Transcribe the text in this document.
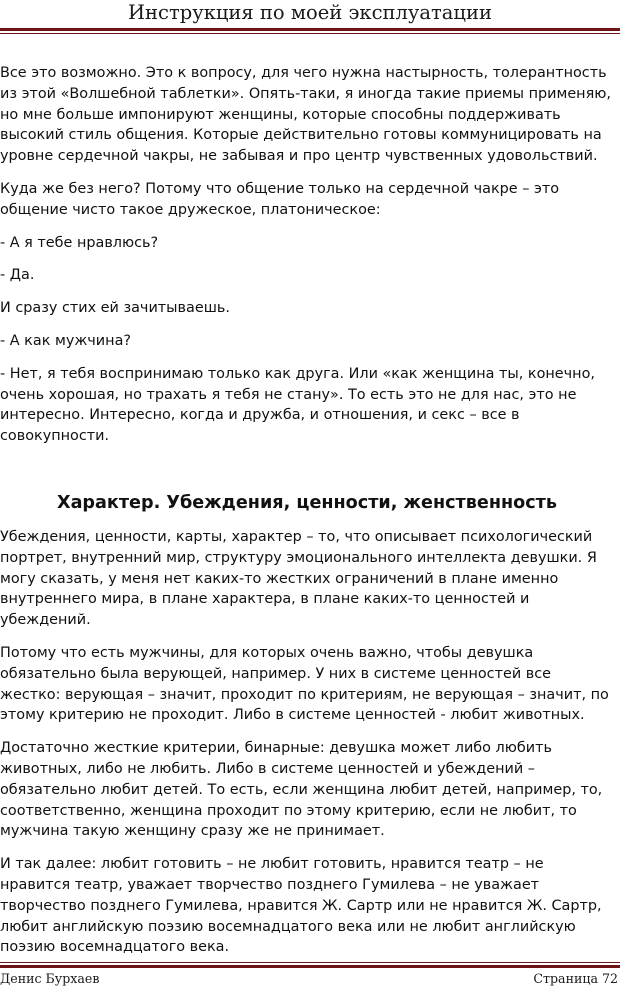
Инструкция по моей эксплуатации

Все это возможно. Это к вопросу, для чего нужна настырность, толерантность из этой «Волшебной таблетки». Опять-таки, я иногда такие приемы применяю, но мне больше импонируют женщины, которые способны поддерживать высокий стиль общения. Которые действительно готовы коммуницировать на уровне сердечной чакры, не забывая и про центр чувственных удовольствий.

Куда же без него? Потому что общение только на сердечной чакре – это общение чисто такое дружеское, платоническое:

- А я тебе нравлюсь?

- Да.

И сразу стих ей зачитываешь.

- А как мужчина?

- Нет, я тебя воспринимаю только как друга. Или «как женщина ты, конечно, очень хорошая, но трахать я тебя не стану». То есть это не для нас, это не интересно. Интересно, когда и дружба, и отношения, и секс – все в совокупности.

Характер. Убеждения, ценности, женственность

Убеждения, ценности, карты, характер – то, что описывает психологический портрет, внутренний мир, структуру эмоционального интеллекта девушки. Я могу сказать, у меня нет каких-то жестких ограничений в плане именно внутреннего мира, в плане характера, в плане каких-то ценностей и убеждений.

Потому что есть мужчины, для которых очень важно, чтобы девушка обязательно была верующей, например. У них в системе ценностей все жестко: верующая – значит, проходит по критериям, не верующая – значит, по этому критерию не проходит. Либо в системе ценностей - любит животных.

Достаточно жесткие критерии, бинарные: девушка может либо любить животных, либо не любить. Либо в системе ценностей и убеждений – обязательно любит детей. То есть, если женщина любит детей, например, то, соответственно, женщина проходит по этому критерию, если не любит, то мужчина такую женщину сразу же не принимает.

И так далее: любит готовить – не любит готовить, нравится театр – не нравится театр, уважает творчество позднего Гумилева – не уважает творчество позднего Гумилева, нравится Ж. Сартр или не нравится Ж. Сартр, любит английскую поэзию восемнадцатого века или не любит английскую поэзию восемнадцатого века.

Денис Бурхаев	Страница 72
